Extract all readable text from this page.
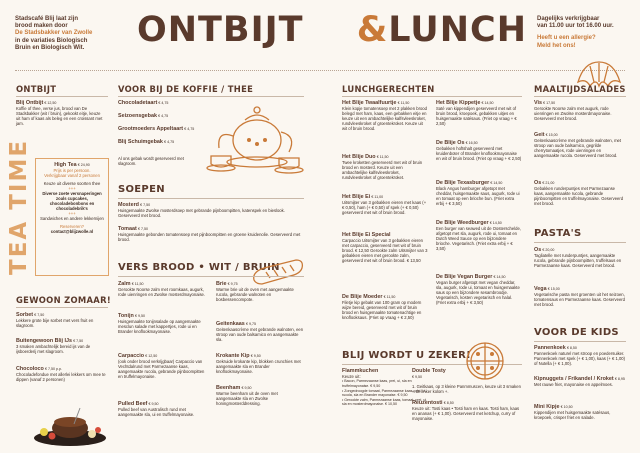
Stadscafé Blij laat zijn
brood maken door
De Stadsbakker van Zwolle
in de variaties Biologisch
Bruin en Biologisch Wit.	ONTBIJT &LUNCH Dagelijks verkrijgbaar
van 11.00 uur tot 16.00 uur.
Heeft u een allergie?
Meld het ons!
ONTBIJT
Blij Ontbijt € 12,50
Koffie of thee, verse jus, brood van De Stadsbakker (wit / bruin), gekookt eitje, keuze uit ham of kaas als beleg en een croissant met jam.
TEA TIME	High Tea € 24,90
Prijs is per persoon.
Verkrijgbaar vanaf 2 personen
Keuze uit diverse soorten thee
+++
Diverse zoete versnaperingen zoals cupcakes, chocoladebonbons en chocoladebrik's
+++
Sandwiches en andere lekkernijen
Reserveren?
contact@blijzwolle.nl
GEWOON ZOMAAR!
Sorbet € 7,50
Lekkere grote bije sorbet met vers fruit en slagroom.
Buitengewoon Blij IJs € 7,50
3 smaken ambachtelijk bereid ijs van de ijsboerderij met slagroom.
Chocoloco € 7,50 p.p.
Chocoladefondue met allerlei lekkers om mee te dippen (vanaf 2 personen)
VOOR BIJ DE KOFFIE / THEE
Chocoladetaart € 4,75
Seizoensgebak € 4,75
Grootmoeders Appeltaart € 4,75
Blij Schuimgebak € 4,75
Al ons gebak wordt geserveerd met slagroom.
SOEPEN
Mosterd € 7,50
Huisgemaakte Zwolse mosterdsoep met gebrande pijnboompitten, katenspek en bieslook. Geserveerd met brood.
Tomaat € 7,50
Huisgemaakte gebonden tomatensoep met pijnboompitten en groene kruidenolie. Geserveerd met brood.
VERS BROOD • WIT / BRUIN
Zalm € 11,50
Gerookte Noorse zalm met roomkaas, augurk, rode uienringen en Zwolse mosterdmayonaise.
Tonijn € 9,50
Huisgemaakte tonijnsalade op aangemaakte mesclun salade met kappertjes, rode ui en Brander knoflookmayonaise.
Carpaccio € 12,50
(ook onder brood verkrijgbaar) Carpaccio van Vechtdalrund met Parmezaanse kaas, aangemaakte rucola, gebrande pijnboompitten en truffelmayonaise.
Pulled Beef € 9,50
Pulled beef van Australisch rund met aangemaakte sla, ui en truffelmayonaise.
Brie € 9,75
Warme brie uit de oven met aangemaakte rucola, gebrande walnoten en bosbessencompote.
Geitenkaas € 9,75
Geitenkaascrème met gebrande walnoten, een stroop van oude balsamico en aangemaakte sla.
Krokante Kip € 9,50
Gekruide krokante kip, blokken crunchies met aangemaakte sla en Brander knoflookmayonaise.
Beenham € 9,50
Warme beenham uit de oven met aangemaakte sla en Zwolse honingmosterddressing.
LUNCHGERECHTEN
Het Blije Twaalfuurtje € 11,50
Klein kopje tomatensoep met 2 plakken brood belegd met ham, kaas, een gebakken eitje en keuze uit een ambachtelijke kalfsvleeskroket, rundvleeskroket of groentekroket. Keuze uit wit of bruin brood.
Het Blije Duo € 11,50
Twee kroketten geserveerd met wit of bruin brood en mosterd. Keuze uit een ambachtelijke kalfsvleeskroket, rundvleeskroket of groentekroket.
Het Blije Ei € 11,00
Uitsmijter van 3 gebakken eieren met kaas (+ € 0,50), ham (+ € 0,50) of spek (+ € 0,50) geserveerd met wit of bruin brood.
Het Blije Ei Special
Carpaccio Uitsmijter van 3 gebakken eieren met carpaccio, geserveerd met wit of bruin brood. € 12,50 Gerookte zalm Uitsmijter van 3 gebakken eieren met gerookte zalm, geserveerd met wit of bruin brood. € 13,50
De Blije Moeder € 11,50
Filetje kip gebakt van 100 gram op modern wijze bereid, geserveerd met wit of bruin brood en huisgemaakte tomatenachtige en knoflooksaus. (Friet op vraag + € 2,50)
Het Blije Kippetje € 14,50
Saté van kippendijen geserveerd met wit of bruin brood, kroepoek, gebakken uitjes en huisgemaakte satésaus. (Friet op vraag + € 2,50)
De Blije Os € 16,50
Gebakken hoftshalt geserveerd met kruidenboter of Brander knoflookmayonaise en wit of bruin brood. (Friet op vraag + € 2,50)
De Blije Texasburger € 14,50
Black Angus hamburger afgetopt met cheddar, huisgemaakte saus, augurk, rode ui en tomaat op een brioche bun. (Friet extra erbij + € 3,50)
De Blije Weedburger € 14,50
Een burger van seawed uit de Oosterschelde, afgetopt met sla, augurk, rode ui, tomaat en Dutch Weed Sauce op een bijzondere brioche. Vegetarisch. (Friet extra erbij + € 3,50)
De Blije Vegan Burger € 14,50
Vegan burger afgetopt met vegan cheddar, sla, augurk, rode ui, tomaat en huisgemaakte saus op een bijzondere sesambroodje. Vegetarisch, kosten vegetarisch en halal. (Friet extra erbij + € 3,50)
BLIJ WORDT U ZEKER!
Flammkuchen
Keuze uit:
• Bacon, Parmezaanse kaas, prei, ui, sla en truffelmayonaise. € 9,50
• Zongedroogde tomaat, Parmezaanse kaas, prei, ui, rucola, sla en Brander mayonaise. € 9,50
• Gerookte zalm, Parmezaanse kaas, tomaat, prei, ui, sla en mosterdmayonaise. € 10,50
Double Tosty
€ 9,50
1. Geitkaas, op 3 kleine Panmmuscen, keuze uit 3 smaken + de linker kolom +.
Reuzentosti € 8,50
Keuze uit: Tosti kaas • Tosti ham en kaas. Tosti ham, kaas en ananas (+ € 1,00). Geserveerd met ketchup, curry of mayonaise.
MAALTIJDSALADES
Vis € 17,50
Gerookte Noorse zalm met augurk, rode uienringen en Zwolse mosterdmayonaise. Geserveerd met brood.
Geit € 15,00
Geitenkaascrème met gebrande walnoten, met stroop van oude balsamico, gegrilde cherrytomaatjes, rode uienringen en aangemaakte rucola. Geserveerd met brood.
Os € 21,00
Gebakken runderpuntjes met Parmezaanse kaas, aangemaakte rucola, gebrande pijnboompitten en truffelmayonaise. Geserveerd met brood.
PASTA'S
Os € 20,00
Tagliatelle met runderpuntjes, aangemaakte rucola, gebrande pijnboompitten, truffelsaus en Parmezaanse kaas. Geserveerd met brood.
Vega € 15,00
Vegetarische pasta met groenten uit het seizoen, tomatensaus en Parmezaanse kaas. Geserveerd met brood.
VOOR DE KIDS
Pannenkoek € 8,50
Pannenkoek naturel met stroop en poedersuiker. Pannenkoek met spek (+ € 1,00), kaas (+ € 1,00) of Nutella (+ € 1,00).
Kipnuggets / Frikandel / Kroket € 8,95
Met rauwe friet, mayonaise en appelmoes.
Mini Kipje € 10,50
Kippendijen met huisgemaakte satésaus, kroepoek, crisper friet en salade.
